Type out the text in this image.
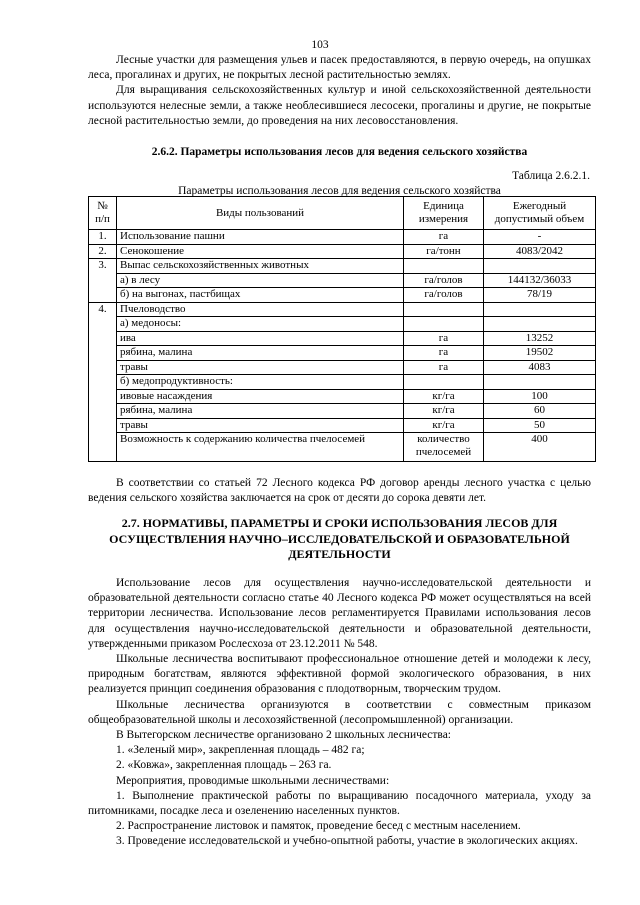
103

Лесные участки для размещения ульев и пасек предоставляются, в первую очередь, на опушках леса, прогалинах и других, не покрытых лесной растительностью землях.

Для выращивания сельскохозяйственных культур и иной сельскохозяйственной деятельности используются нелесные земли, а также необлесившиеся лесосеки, прогалины и другие, не покрытые лесной растительностью земли, до проведения на них лесовосстановления.

2.6.2. Параметры использования лесов для ведения сельского хозяйства
Таблица 2.6.2.1.
Параметры использования лесов для ведения сельского хозяйства
№ п/п	Виды пользований	Единица измерения	Ежегодный допустимый объем
1.	Использование пашни	га	-
2.	Сенокошение	га/тонн	4083/2042
3.	Выпас сельскохозяйственных животных		
	а) в лесу	га/голов	144132/36033
	б) на выгонах, пастбищах	га/голов	78/19
4.	Пчеловодство		
	а) медоносы:		
	ива	га	13252
	рябина, малина	га	19502
	травы	га	4083
	б) медопродуктивность:		
	ивовые насаждения	кг/га	100
	рябина, малина	кг/га	60
	травы	кг/га	50
	Возможность к содержанию количества пчелосемей	количество пчелосемей	400

В соответствии со статьей 72 Лесного кодекса РФ договор аренды лесного участка с целью ведения сельского хозяйства заключается на срок от десяти до сорока девяти лет.

2.7. НОРМАТИВЫ, ПАРАМЕТРЫ И СРОКИ ИСПОЛЬЗОВАНИЯ ЛЕСОВ ДЛЯ ОСУЩЕСТВЛЕНИЯ НАУЧНО–ИССЛЕДОВАТЕЛЬСКОЙ И ОБРАЗОВАТЕЛЬНОЙ ДЕЯТЕЛЬНОСТИ

Использование лесов для осуществления научно-исследовательской деятельности и образовательной деятельности согласно статье 40 Лесного кодекса РФ может осуществляться на всей территории лесничества. Использование лесов регламентируется Правилами использования лесов для осуществления научно-исследовательской деятельности и образовательной деятельности, утвержденными приказом Рослесхоза от 23.12.2011 № 548.

Школьные лесничества воспитывают профессиональное отношение детей и молодежи к лесу, природным богатствам, являются эффективной формой экологического образования, в них реализуется принцип соединения образования с плодотворным, творческим трудом.

Школьные лесничества организуются в соответствии с совместным приказом общеобразовательной школы и лесохозяйственной (лесопромышленной) организации.

В Вытегорском лесничестве организовано 2 школьных лесничества:

1. «Зеленый мир», закрепленная площадь – 482 га;

2. «Ковжа», закрепленная площадь – 263 га.

Мероприятия, проводимые школьными лесничествами:

1. Выполнение практической работы по выращиванию посадочного материала, уходу за питомниками, посадке леса и озеленению населенных пунктов.

2. Распространение листовок и памяток, проведение бесед с местным населением.

3. Проведение исследовательской и учебно-опытной работы, участие в экологических акциях.
